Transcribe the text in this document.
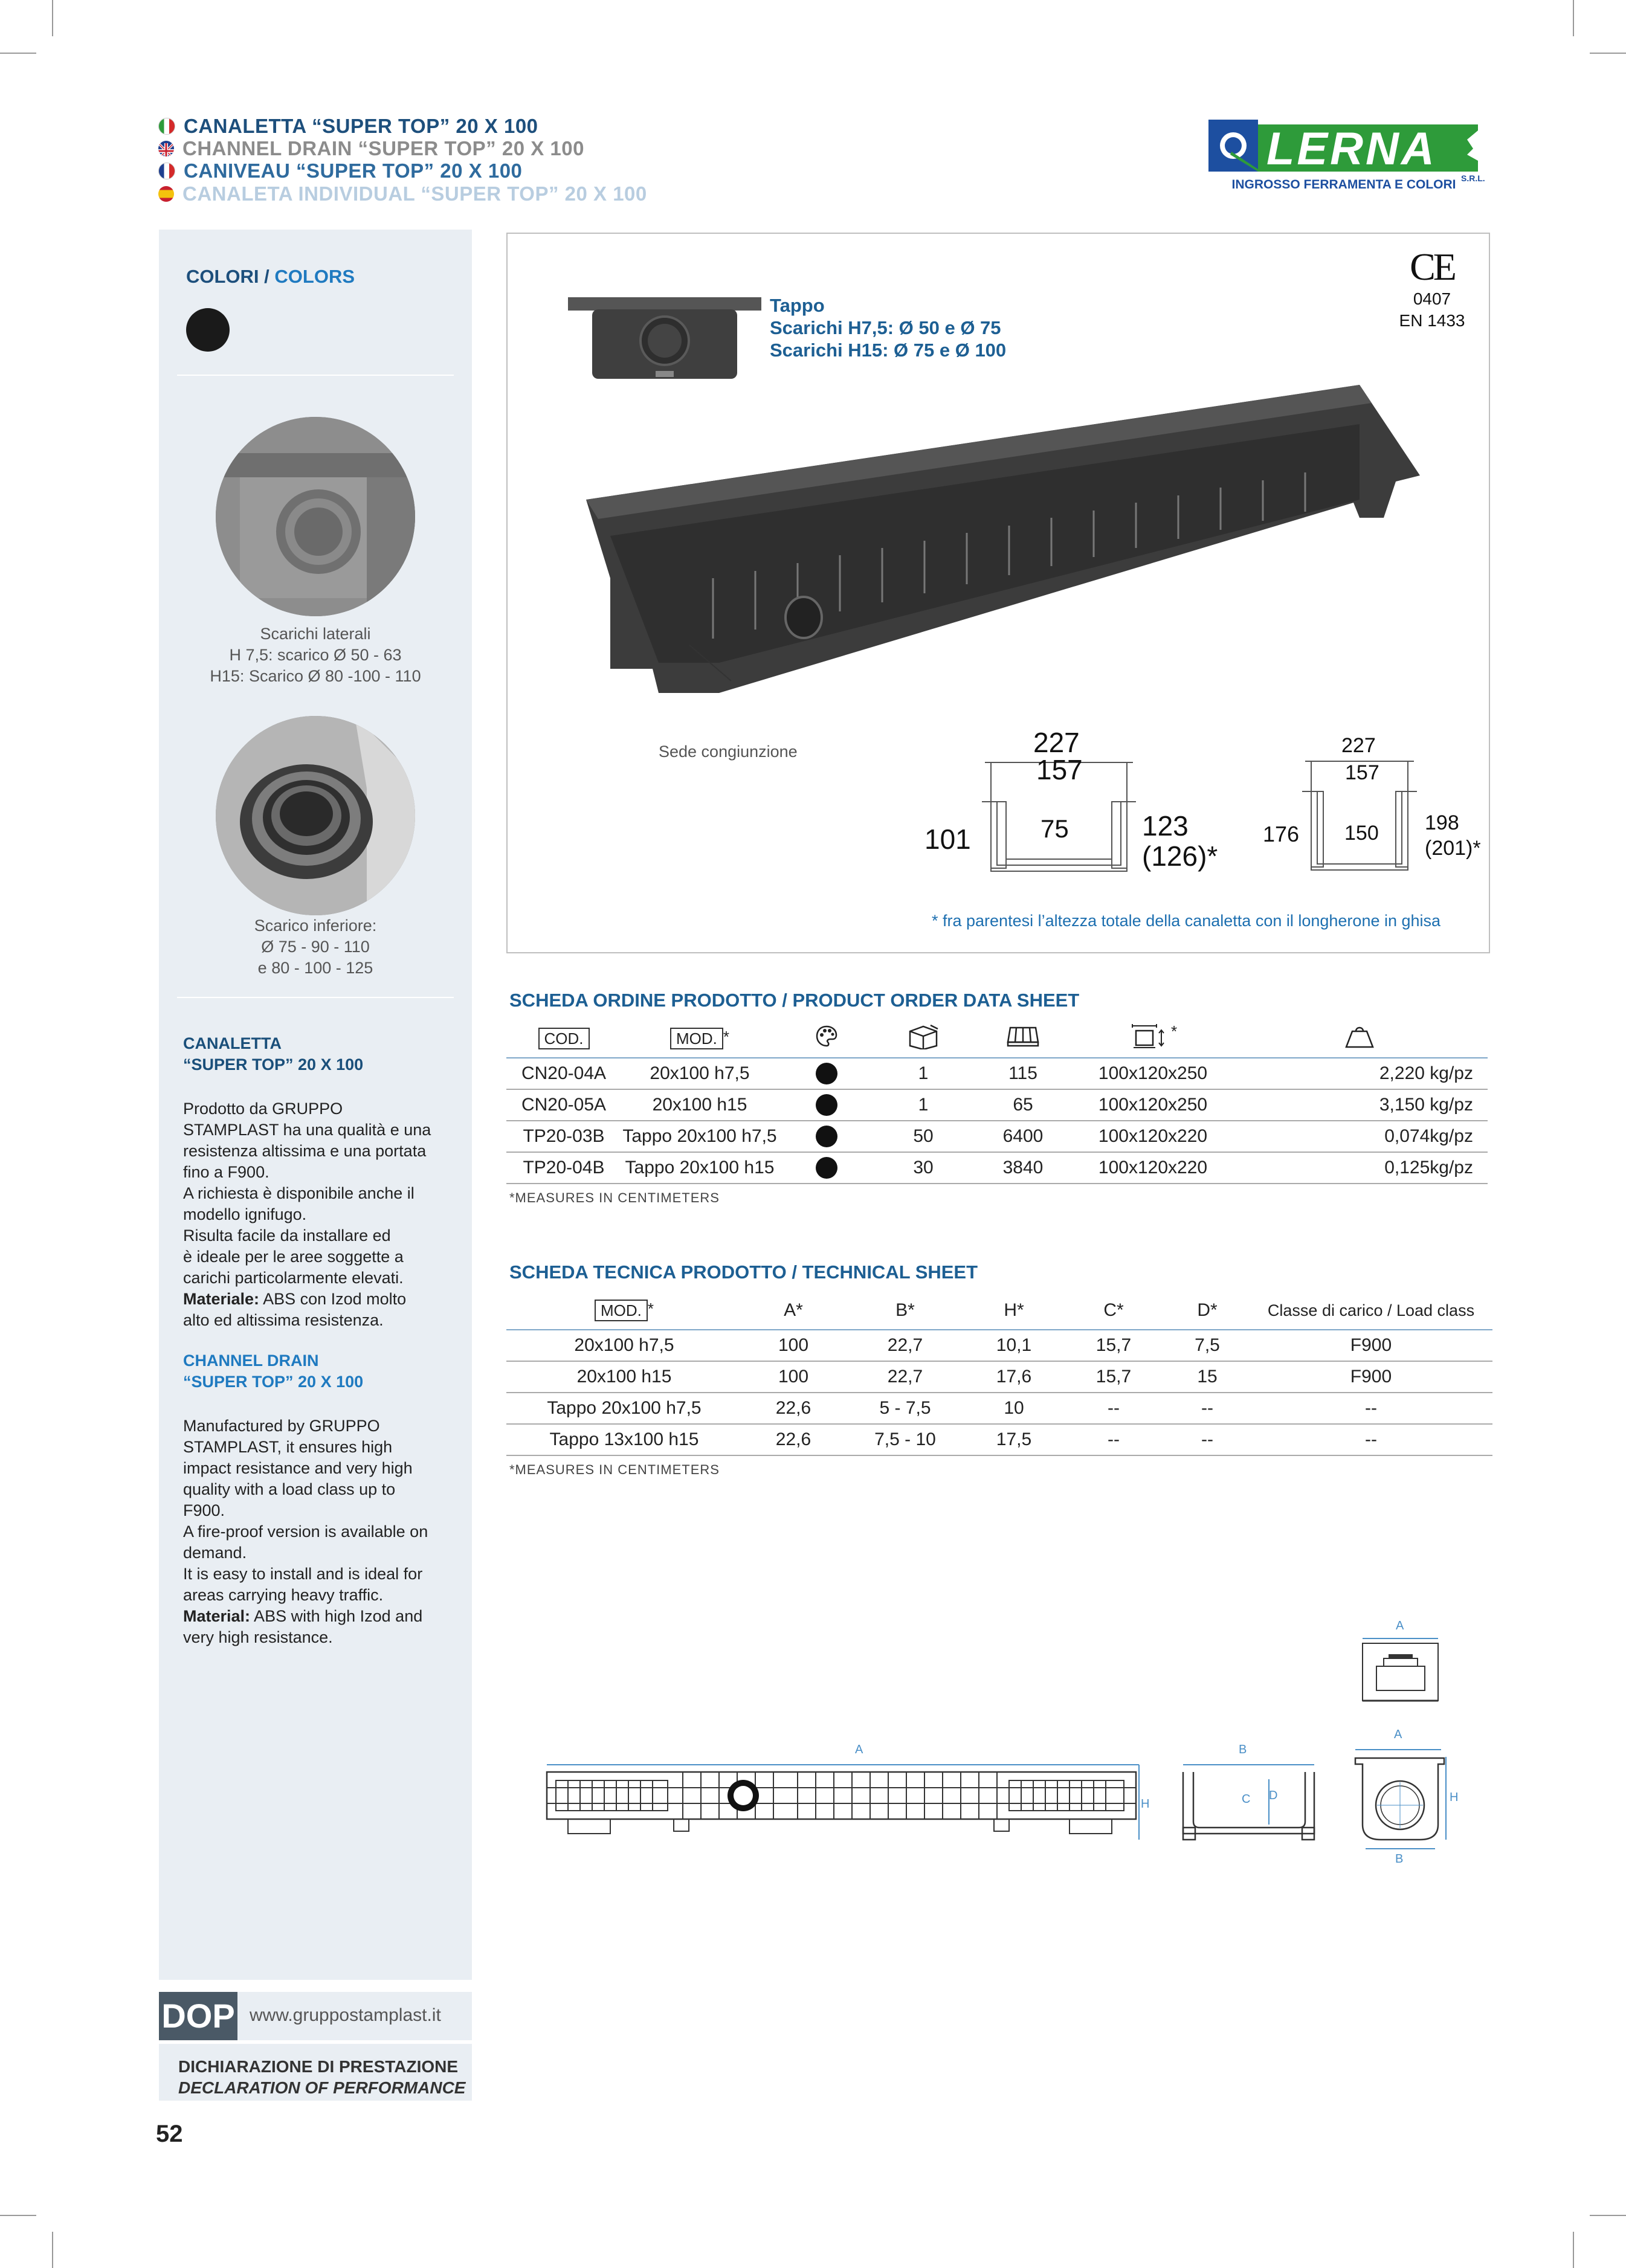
CANALETTA “SUPER TOP” 20 X 100
CHANNEL DRAIN “SUPER TOP” 20 X 100
CANIVEAU “SUPER TOP” 20 X 100
CANALETA INDIVIDUAL “SUPER TOP” 20 X 100
LERNA
S.R.L.
INGROSSO FERRAMENTA E COLORI
COLORI / COLORS
Scarichi laterali
H 7,5: scarico Ø 50 - 63
H15: Scarico Ø 80 -100 - 110
Scarico inferiore:
Ø 75 - 90 - 110
e 80 - 100 - 125
CANALETTA
“SUPER TOP” 20 X 100
Prodotto da GRUPPO
STAMPLAST ha una qualità e una
resistenza altissima e una portata
fino a F900.
A richiesta è disponibile anche il
modello ignifugo.
Risulta facile da installare ed
è ideale per le aree soggette a
carichi particolarmente elevati.
Materiale: ABS con Izod molto
alto ed altissima resistenza.
CHANNEL DRAIN
“SUPER TOP” 20 X 100
Manufactured by GRUPPO
STAMPLAST, it ensures high
impact resistance and very high
quality with a load class up to
F900.
A fire-proof version is available on
demand.
It is easy to install and is ideal for
areas carrying heavy traffic.
Material: ABS with high Izod and
very high resistance.
DOP www.gruppostamplast.it
DICHIARAZIONE DI PRESTAZIONE
DECLARATION OF PERFORMANCE
52
Tappo
Scarichi H7,5: Ø 50 e Ø 75
Scarichi H15: Ø 75 e Ø 100
CE
0407
EN 1433
Sede congiunzione	227
157
101	75	123
(126)*
227
157
176 150 198
(201)*
* fra parentesi l’altezza totale della canaletta con il longherone in ghisa
SCHEDA ORDINE PRODOTTO / PRODUCT ORDER DATA SHEET
COD.	MOD. *				*	
CN20-04A	20x100 h7,5		1	115	100x120x250	2,220 kg/pz
CN20-05A	20x100 h15		1	65	100x120x250	3,150 kg/pz
TP20-03B	Tappo 20x100 h7,5		50	6400	100x120x220	0,074kg/pz
TP20-04B	Tappo 20x100 h15		30	3840	100x120x220	0,125kg/pz
*MEASURES IN CENTIMETERS
SCHEDA TECNICA PRODOTTO / TECHNICAL SHEET
MOD. *	A*	B*	H*	C*	D*	Classe di carico / Load class
20x100 h7,5	100	22,7	10,1	15,7	7,5	F900
20x100 h15	100	22,7	17,6	15,7	15	F900
Tappo 20x100 h7,5	22,6	5 - 7,5	10	--	--	--
Tappo 13x100 h15	22,6	7,5 - 10	17,5	--	--	--
*MEASURES IN CENTIMETERS
A
A
H
B
C D
A
H
B
